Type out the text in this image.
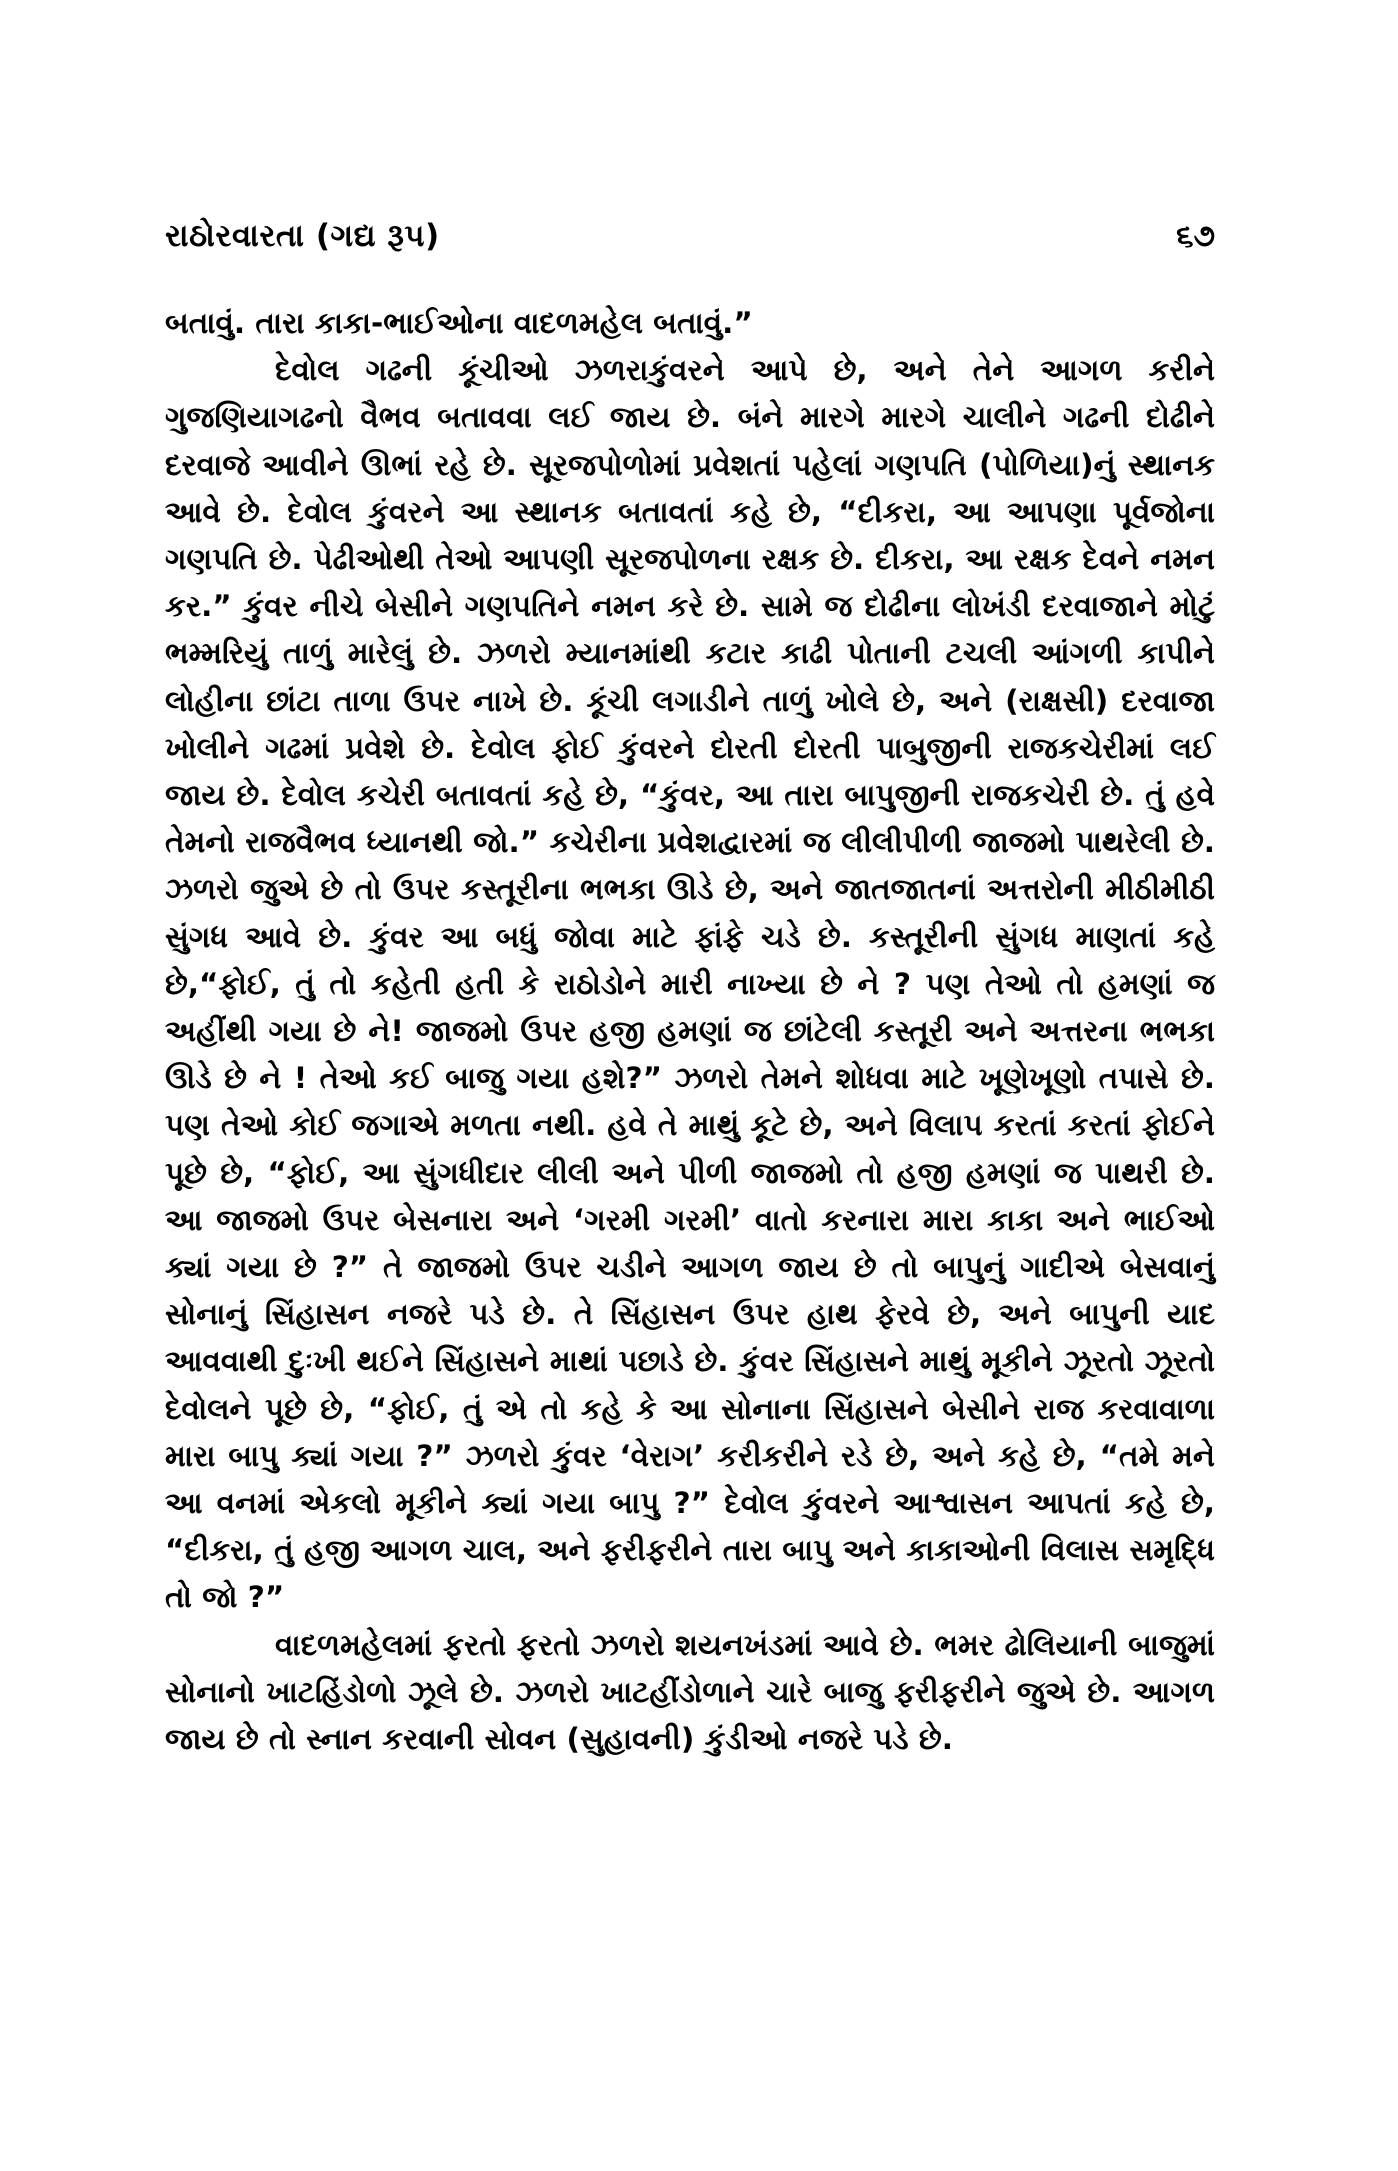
રાઠોરવારતા (ગદ્ય રૂપ)	૬૭

બતાવું. તારા કાકા-ભાઈઓના વાદળમહેલ બતાવું.”

દેવોલ ગઢની કૂંચીઓ ઝળરાકુંવરને આપે છે, અને તેને આગળ કરીને ગુજણિયાગઢનો વૈભવ બતાવવા લઈ જાય છે. બંને મારગે મારગે ચાલીને ગઢની દોઢીને દરવાજે આવીને ઊભાં રહે છે. સૂરજપોળોમાં પ્રવેશતાં પહેલાં ગણપતિ (પોળિયા)નું સ્થાનક આવે છે. દેવોલ કુંવરને આ સ્થાનક બતાવતાં કહે છે, “દીકરા, આ આપણા પૂર્વજોના ગણપતિ છે. પેઢીઓથી તેઓ આપણી સૂરજપોળના રક્ષક છે. દીકરા, આ રક્ષક દેવને નમન કર.” કુંવર નીચે બેસીને ગણપતિને નમન કરે છે. સામે જ દોઢીના લોખંડી દરવાજાને મોટું ભમ્મરિયું તાળું મારેલું છે. ઝળરો મ્યાનમાંથી કટાર કાઢી પોતાની ટચલી આંગળી કાપીને લોહીના છાંટા તાળા ઉપર નાખે છે. કૂંચી લગાડીને તાળું ખોલે છે, અને (રાક્ષસી) દરવાજા ખોલીને ગઢમાં પ્રવેશે છે. દેવોલ ફોઈ કુંવરને દોરતી દોરતી પાબુજીની રાજકચેરીમાં લઈ જાય છે. દેવોલ કચેરી બતાવતાં કહે છે, “કુંવર, આ તારા બાપુજીની રાજકચેરી છે. તું હવે તેમનો રાજવૈભવ ધ્યાનથી જો.” કચેરીના પ્રવેશદ્વારમાં જ લીલીપીળી જાજમો પાથરેલી છે. ઝળરો જુએ છે તો ઉપર કસ્તૂરીના ભભકા ઊડે છે, અને જાતજાતનાં અત્તરોની મીઠીમીઠી સુંગધ આવે છે. કુંવર આ બધું જોવા માટે ફાંફે ચડે છે. કસ્તૂરીની સુંગધ માણતાં કહે છે,“ફોઈ, તું તો કહેતી હતી કે રાઠોડોને મારી નાખ્યા છે ને ? પણ તેઓ તો હમણાં જ અહીંથી ગયા છે ને! જાજમો ઉપર હજી હમણાં જ છાંટેલી કસ્તૂરી અને અત્તરના ભભકા ઊડે છે ને ! તેઓ કઈ બાજુ ગયા હશે?” ઝળરો તેમને શોધવા માટે ખૂણેખૂણો તપાસે છે. પણ તેઓ કોઈ જગાએ મળતા નથી. હવે તે માથું કૂટે છે, અને વિલાપ કરતાં કરતાં ફોઈને પૂછે છે, “ફોઈ, આ સુંગધીદાર લીલી અને પીળી જાજમો તો હજી હમણાં જ પાથરી છે. આ જાજમો ઉપર બેસનારા અને ‘ગરમી ગરમી’ વાતો કરનારા મારા કાકા અને ભાઈઓ ક્યાં ગયા છે ?” તે જાજમો ઉપર ચડીને આગળ જાય છે તો બાપુનું ગાદીએ બેસવાનું સોનાનું સિંહાસન નજરે પડે છે. તે સિંહાસન ઉપર હાથ ફેરવે છે, અને બાપુની યાદ આવવાથી દુઃખી થઈને સિંહાસને માથાં પછાડે છે. કુંવર સિંહાસને માથું મૂકીને ઝૂરતો ઝૂરતો દેવોલને પૂછે છે, “ફોઈ, તું એ તો કહે કે આ સોનાના સિંહાસને બેસીને રાજ કરવાવાળા મારા બાપુ ક્યાં ગયા ?” ઝળરો કુંવર ‘વેરાગ’ કરીકરીને રડે છે, અને કહે છે, “તમે મને આ વનમાં એકલો મૂકીને ક્યાં ગયા બાપુ ?” દેવોલ કુંવરને આશ્વાસન આપતાં કહે છે, “દીકરા, તું હજી આગળ ચાલ, અને ફરીફરીને તારા બાપુ અને કાકાઓની વિલાસ સમૃદ્ધિ તો જો ?”

વાદળમહેલમાં ફરતો ફરતો ઝળરો શયનખંડમાં આવે છે. ભમર ઢોલિયાની બાજુમાં સોનાનો ખાટહિંડોળો ઝૂલે છે. ઝળરો ખાટહીંડોળાને ચારે બાજુ ફરીફરીને જુએ છે. આગળ જાય છે તો સ્નાન કરવાની સોવન (સુહાવની) કુંડીઓ નજરે પડે છે.
